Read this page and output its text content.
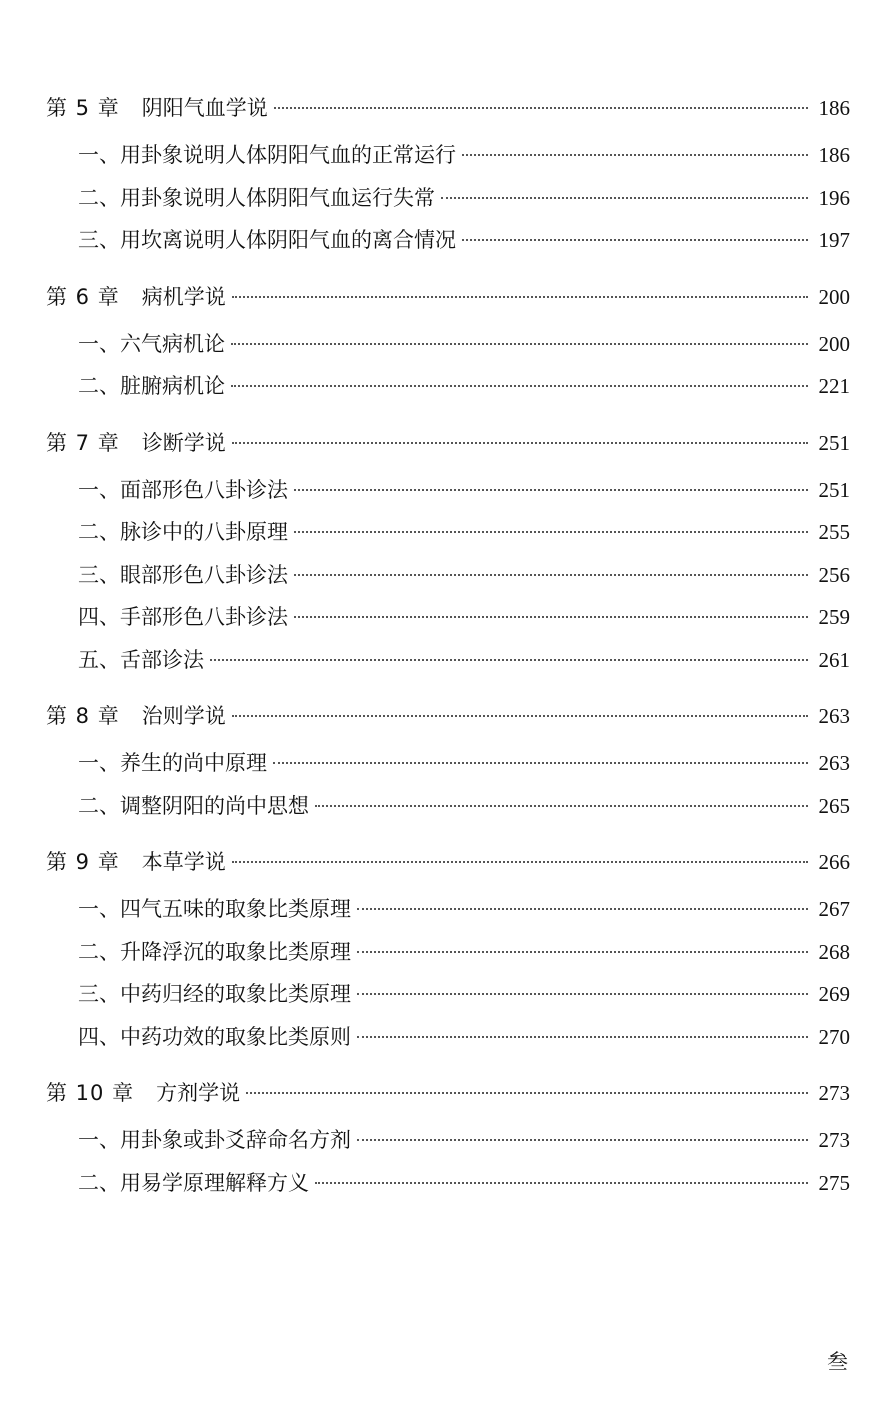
第 5 章 阴阳气血学说	186
一、用卦象说明人体阴阳气血的正常运行	186
二、用卦象说明人体阴阳气血运行失常	196
三、用坎离说明人体阴阳气血的离合情况	197
第 6 章 病机学说	200
一、六气病机论	200
二、脏腑病机论	221
第 7 章 诊断学说	251
一、面部形色八卦诊法	251
二、脉诊中的八卦原理	255
三、眼部形色八卦诊法	256
四、手部形色八卦诊法	259
五、舌部诊法	261
第 8 章 治则学说	263
一、养生的尚中原理	263
二、调整阴阳的尚中思想	265
第 9 章 本草学说	266
一、四气五味的取象比类原理	267
二、升降浮沉的取象比类原理	268
三、中药归经的取象比类原理	269
四、中药功效的取象比类原则	270
第 10 章 方剂学说	273
一、用卦象或卦爻辞命名方剂	273
二、用易学原理解释方义	275
叁
